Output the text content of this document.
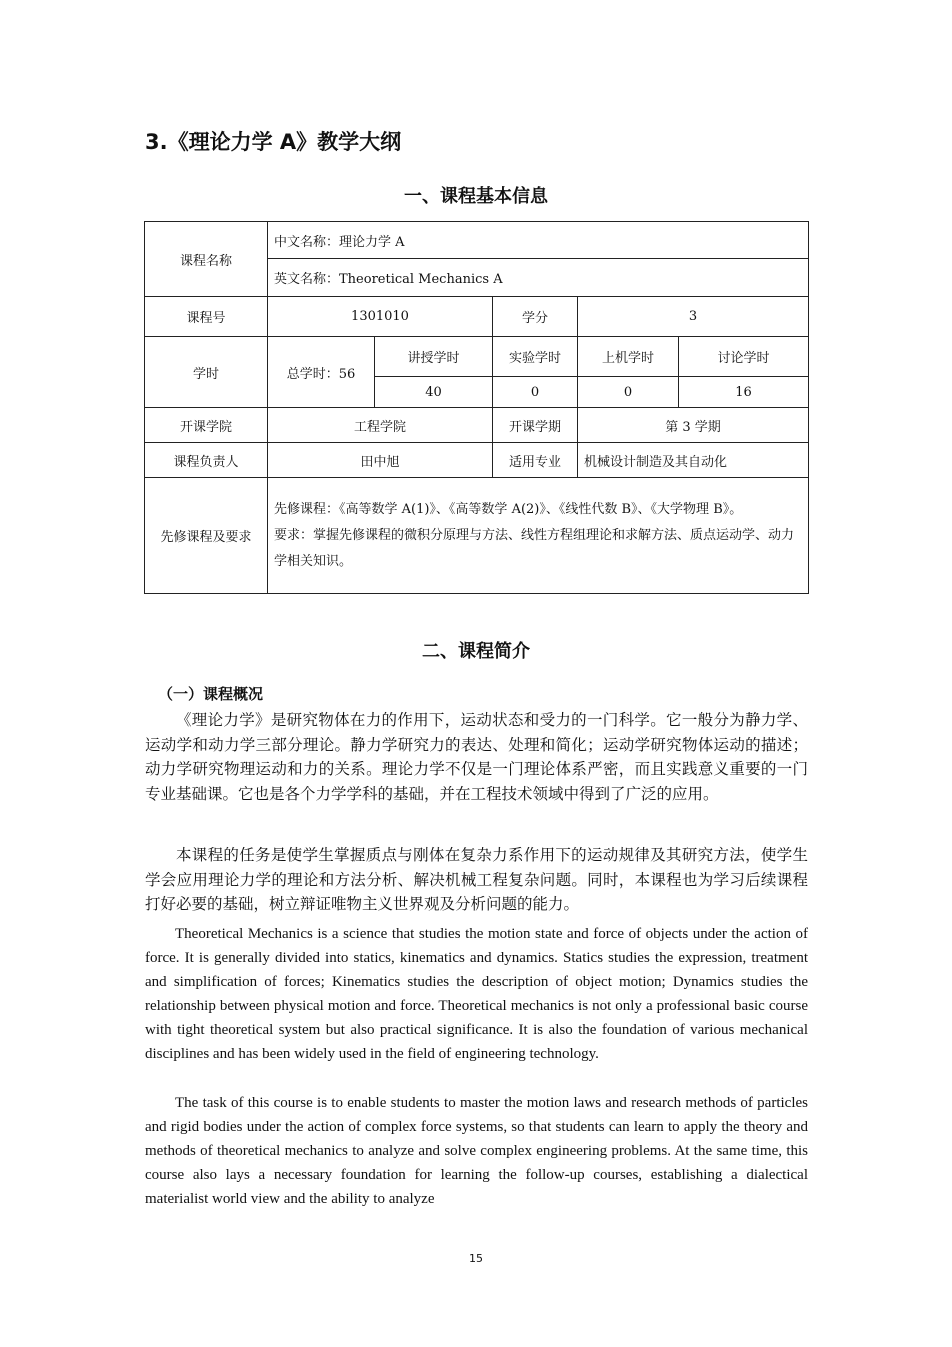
3.《理论力学 A》教学大纲
一、课程基本信息
课程名称	中文名称：理论力学 A				
	英文名称：Theoretical Mechanics A				
课程号	1301010		学分	3	
学时	总学时：56	讲授学时	实验学时	上机学时	讨论学时
		40	0	0	16
开课学院	工程学院		开课学期	第 3 学期	
课程负责人	田中旭		适用专业	机械设计制造及其自动化	
先修课程及要求	先修课程：《高等数学 A(1)》、《高等数学 A(2)》、《线性代数 B》、《大学物理 B》。
要求：掌握先修课程的微积分原理与方法、线性方程组理论和求解方法、质点运动学、动力学相关知识。				
二、课程简介
（一）课程概况

《理论力学》是研究物体在力的作用下，运动状态和受力的一门科学。它一般分为静力学、运动学和动力学三部分理论。静力学研究力的表达、处理和简化；运动学研究物体运动的描述；动力学研究物理运动和力的关系。理论力学不仅是一门理论体系严密，而且实践意义重要的一门专业基础课。它也是各个力学学科的基础，并在工程技术领域中得到了广泛的应用。

本课程的任务是使学生掌握质点与刚体在复杂力系作用下的运动规律及其研究方法，使学生学会应用理论力学的理论和方法分析、解决机械工程复杂问题。同时，本课程也为学习后续课程打好必要的基础，树立辩证唯物主义世界观及分析问题的能力。

Theoretical Mechanics is a science that studies the motion state and force of objects under the action of force. It is generally divided into statics, kinematics and dynamics. Statics studies the expression, treatment and simplification of forces; Kinematics studies the description of object motion; Dynamics studies the relationship between physical motion and force. Theoretical mechanics is not only a professional basic course with tight theoretical system but also practical significance. It is also the foundation of various mechanical disciplines and has been widely used in the field of engineering technology.

The task of this course is to enable students to master the motion laws and research methods of particles and rigid bodies under the action of complex force systems, so that students can learn to apply the theory and methods of theoretical mechanics to analyze and solve complex engineering problems. At the same time, this course also lays a necessary foundation for learning the follow-up courses, establishing a dialectical materialist world view and the ability to analyze

15
